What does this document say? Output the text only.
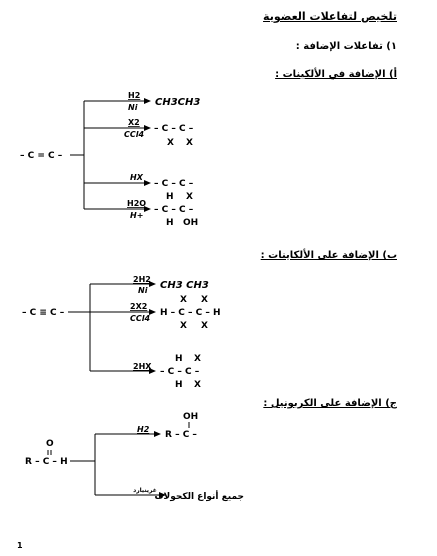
تلخيص لتفاعلات العضوية
١) تفاعلات الإضافة :
أ) الإضافة في الألكينات :
ب) الإضافة على الألكاينات :
ج) الإضافة على الكربونيل :
1
– C = C –
H2
Ni CH3CH3
X2
CCl4
– C – C –
X X
HX
– C – C –
H X
H2O
H+
– C – C –
H OH
– C ≡ C –
2H2
Ni CH3 CH3
2X2
CCl4
H – C – C – H
X X
X X
2HX
– C – C –
H X
H X
O
R – C – H
H2
R – C –
OH
غرينيارد
جميع أنواع الكحولات
